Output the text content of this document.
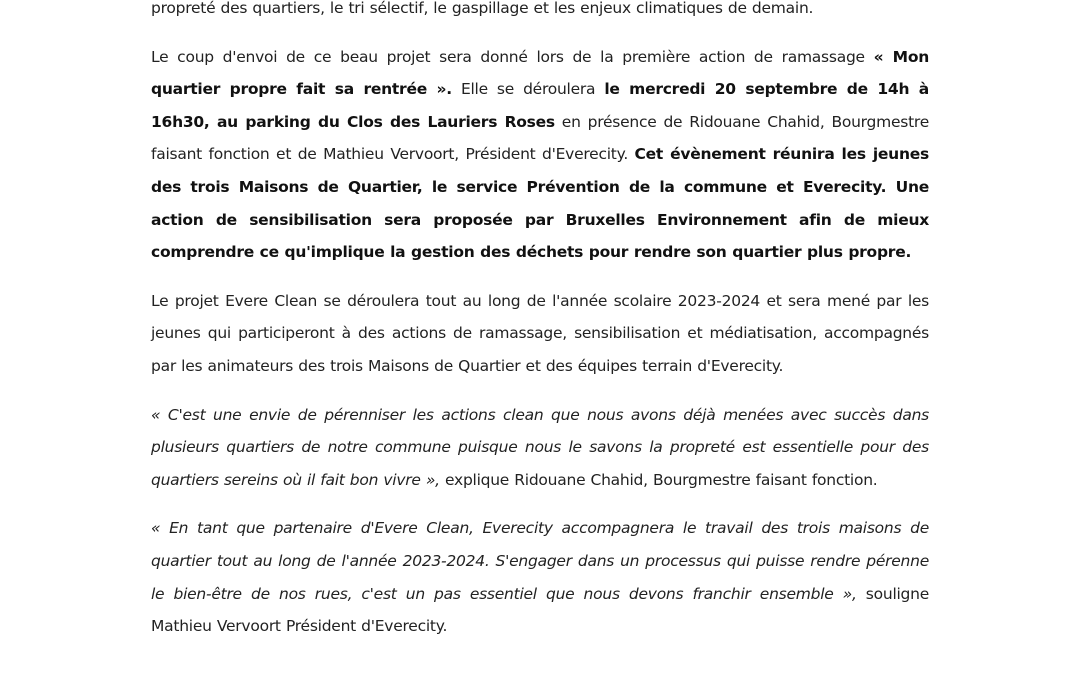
propreté des quartiers, le tri sélectif, le gaspillage et les enjeux climatiques de demain.

Le coup d'envoi de ce beau projet sera donné lors de la première action de ramassage « Mon quartier propre fait sa rentrée ». Elle se déroulera le mercredi 20 septembre de 14h à 16h30, au parking du Clos des Lauriers Roses en présence de Ridouane Chahid, Bourgmestre faisant fonction et de Mathieu Vervoort, Président d'Everecity. Cet évènement réunira les jeunes des trois Maisons de Quartier, le service Prévention de la commune et Everecity. Une action de sensibilisation sera proposée par Bruxelles Environnement afin de mieux comprendre ce qu'implique la gestion des déchets pour rendre son quartier plus propre.

Le projet Evere Clean se déroulera tout au long de l'année scolaire 2023-2024 et sera mené par les jeunes qui participeront à des actions de ramassage, sensibilisation et médiatisation, accompagnés par les animateurs des trois Maisons de Quartier et des équipes terrain d'Everecity.

« C'est une envie de pérenniser les actions clean que nous avons déjà menées avec succès dans plusieurs quartiers de notre commune puisque nous le savons la propreté est essentielle pour des quartiers sereins où il fait bon vivre », explique Ridouane Chahid, Bourgmestre faisant fonction.

« En tant que partenaire d'Evere Clean, Everecity accompagnera le travail des trois maisons de quartier tout au long de l'année 2023-2024. S'engager dans un processus qui puisse rendre pérenne le bien-être de nos rues, c'est un pas essentiel que nous devons franchir ensemble », souligne Mathieu Vervoort Président d'Everecity.
